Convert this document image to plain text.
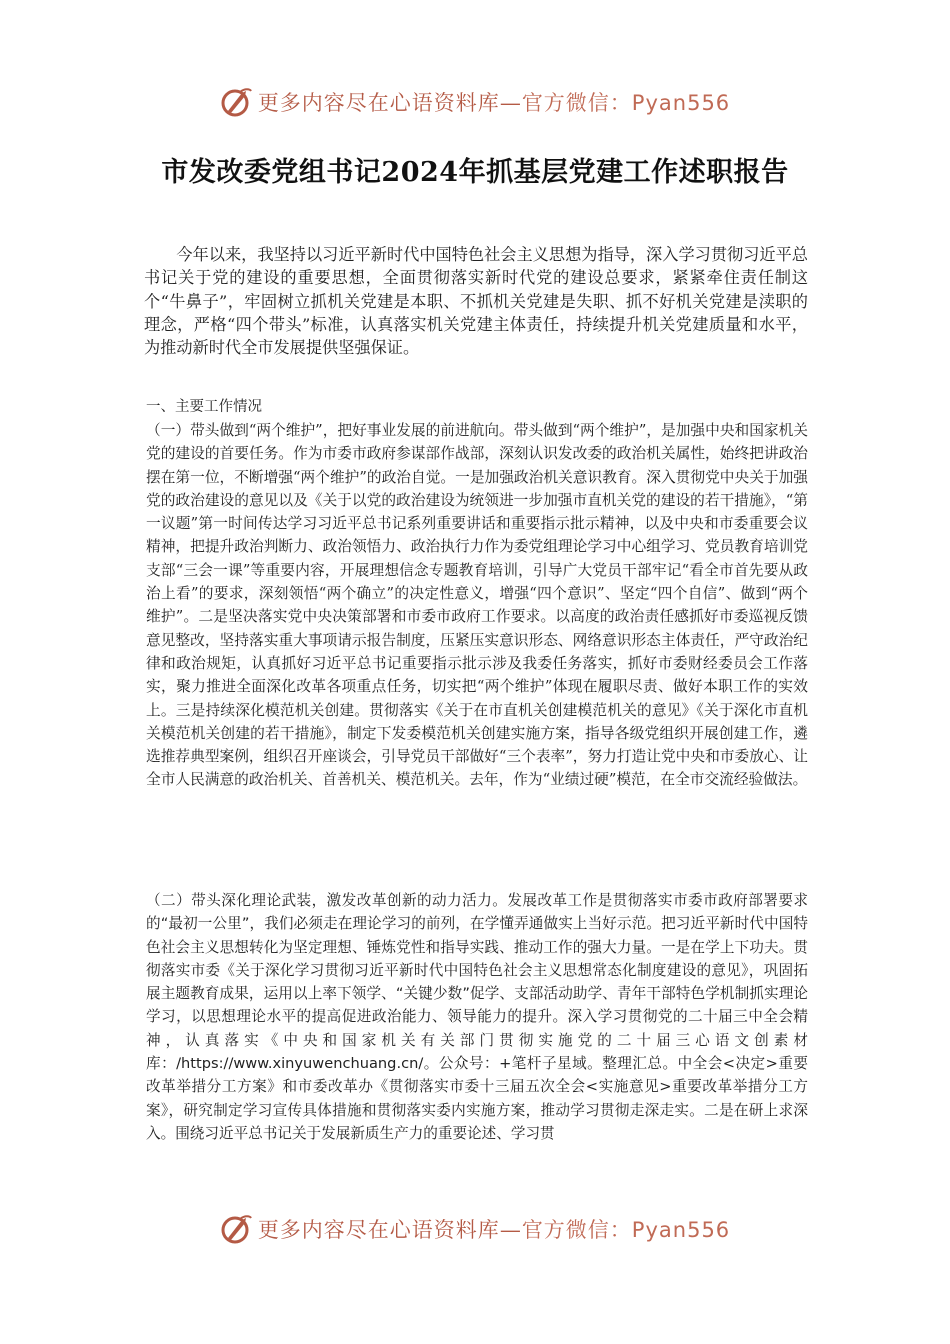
更多内容尽在心语资料库—官方微信：Pyan556
市发改委党组书记2024年抓基层党建工作述职报告

今年以来，我坚持以习近平新时代中国特色社会主义思想为指导，深入学习贯彻习近平总书记关于党的建设的重要思想，全面贯彻落实新时代党的建设总要求，紧紧牵住责任制这个“牛鼻子”，牢固树立抓机关党建是本职、不抓机关党建是失职、抓不好机关党建是渎职的理念，严格“四个带头”标准，认真落实机关党建主体责任，持续提升机关党建质量和水平，为推动新时代全市发展提供坚强保证。

一、主要工作情况

（一）带头做到“两个维护”，把好事业发展的前进航向。带头做到“两个维护”，是加强中央和国家机关党的建设的首要任务。作为市委市政府参谋部作战部，深刻认识发改委的政治机关属性，始终把讲政治摆在第一位，不断增强“两个维护”的政治自觉。一是加强政治机关意识教育。深入贯彻党中央关于加强党的政治建设的意见以及《关于以党的政治建设为统领进一步加强市直机关党的建设的若干措施》，“第一议题”第一时间传达学习习近平总书记系列重要讲话和重要指示批示精神，以及中央和市委重要会议精神，把提升政治判断力、政治领悟力、政治执行力作为委党组理论学习中心组学习、党员教育培训党支部“三会一课”等重要内容，开展理想信念专题教育培训，引导广大党员干部牢记“看全市首先要从政治上看”的要求，深刻领悟“两个确立”的决定性意义，增强“四个意识”、坚定“四个自信”、做到“两个维护”。二是坚决落实党中央决策部署和市委市政府工作要求。以高度的政治责任感抓好市委巡视反馈意见整改，坚持落实重大事项请示报告制度，压紧压实意识形态、网络意识形态主体责任，严守政治纪律和政治规矩，认真抓好习近平总书记重要指示批示涉及我委任务落实，抓好市委财经委员会工作落实，聚力推进全面深化改革各项重点任务，切实把“两个维护”体现在履职尽责、做好本职工作的实效上。三是持续深化模范机关创建。贯彻落实《关于在市直机关创建模范机关的意见》《关于深化市直机关模范机关创建的若干措施》，制定下发委模范机关创建实施方案，指导各级党组织开展创建工作，遴选推荐典型案例，组织召开座谈会，引导党员干部做好“三个表率”，努力打造让党中央和市委放心、让全市人民满意的政治机关、首善机关、模范机关。去年，作为“业绩过硬”模范，在全市交流经验做法。

（二）带头深化理论武装，激发改革创新的动力活力。发展改革工作是贯彻落实市委市政府部署要求的“最初一公里”，我们必须走在理论学习的前列，在学懂弄通做实上当好示范。把习近平新时代中国特色社会主义思想转化为坚定理想、锤炼党性和指导实践、推动工作的强大力量。一是在学上下功夫。贯彻落实市委《关于深化学习贯彻习近平新时代中国特色社会主义思想常态化制度建设的意见》，巩固拓展主题教育成果，运用以上率下领学、“关键少数”促学、支部活动助学、青年干部特色学机制抓实理论学习，以思想理论水平的提高促进政治能力、领导能力的提升。深入学习贯彻党的二十届三中全会精神，认真落实《中央和国家机关有关部门贯彻实施党的二十届三心语文创素材库：/https://www.xinyuwenchuang.cn/。公众号：+笔杆子星域。整理汇总。中全会<决定>重要改革举措分工方案》和市委改革办《贯彻落实市委十三届五次全会<实施意见>重要改革举措分工方案》，研究制定学习宣传具体措施和贯彻落实委内实施方案，推动学习贯彻走深走实。二是在研上求深入。围绕习近平总书记关于发展新质生产力的重要论述、学习贯

更多内容尽在心语资料库—官方微信：Pyan556
